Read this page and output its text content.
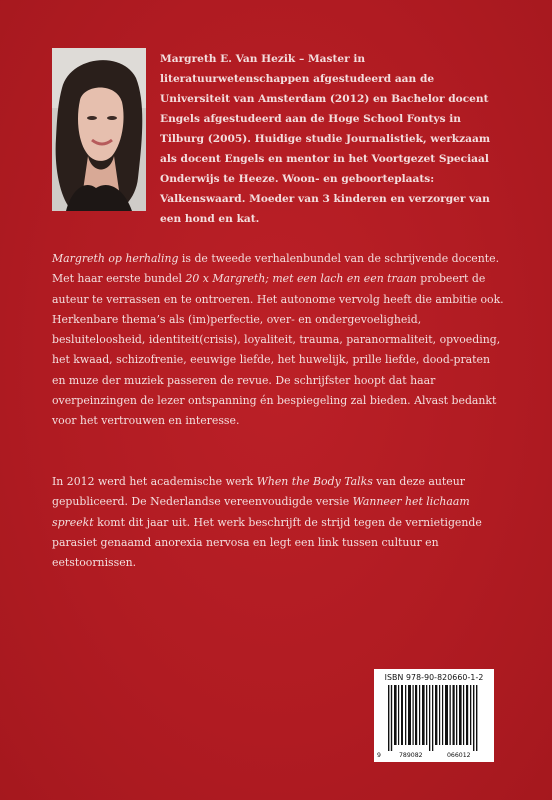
Margreth E. Van Hezik – Master in literatuurwetenschappen afgestudeerd aan de Universiteit van Amsterdam (2012) en Bachelor docent Engels afgestudeerd aan de Hoge School Fontys in Tilburg (2005). Huidige studie Journalistiek, werkzaam als docent Engels en mentor in het Voortgezet Speciaal Onderwijs te Heeze. Woon- en geboorteplaats: Valkenswaard. Moeder van 3 kinderen en verzorger van een hond en kat.

Margreth op herhaling is de tweede verhalenbundel van de schrijvende docente. Met haar eerste bundel 20 x Margreth; met een lach en een traan probeert de auteur te verrassen en te ontroeren. Het autonome vervolg heeft die ambitie ook. Herkenbare thema’s als (im)perfectie, over- en ondergevoeligheid, besluiteloosheid, identiteit(crisis), loyaliteit, trauma, paranormaliteit, opvoeding, het kwaad, schizofrenie, eeuwige liefde, het huwelijk, prille liefde, dood-praten en muze der muziek passeren de revue. De schrijfster hoopt dat haar overpeinzingen de lezer ontspanning én bespiegeling zal bieden. Alvast bedankt voor het vertrouwen en interesse.

In 2012 werd het academische werk When the Body Talks van deze auteur gepubliceerd. De Nederlandse vereenvoudigde versie Wanneer het lichaam spreekt komt dit jaar uit. Het werk beschrijft de strijd tegen de vernietigende parasiet genaamd anorexia nervosa en legt een link tussen cultuur en eetstoornissen.

ISBN 978-90-820660-1-2
9	789082	066012
